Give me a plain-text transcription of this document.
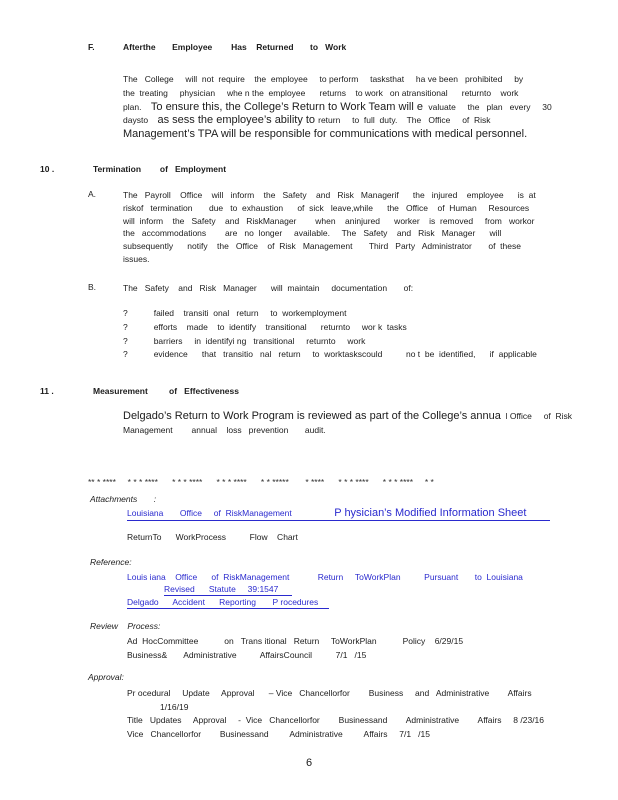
F.	Afterthe       Employee        Has    Returned       to   Work
The   College     will  not  require    the  employee     to perform     tasksthat     ha ve been   prohibited     by
the  treating     physician     whe n the  employee      returns    to work   on atransitional      returnto    work
plan.    To ensure this, the College’s Return to Work Team will e  valuate     the   plan   every     30
daysto    as sess the employee’s ability to return     to  full  duty.    The   Office     of  Risk
Management’s TPA will be responsible for communications with medical personnel.
10 .	Termination        of   Employment
A.	The   Payroll    Office    will   inform    the   Safety    and   Risk   Managerif      the   injured    employee      is  at
riskof   termination       due   to  exhaustion      of  sick   leave,while      the   Office    of  Human     Resources
will  inform    the   Safety    and   RiskManager        when    aninjured      worker    is  removed     from   workor
the   accommodations        are   no  longer     available.     The   Safety    and   Risk   Manager      will
subsequently      notify    the   Office    of  Risk   Management       Third   Party   Administrator       of  these
issues.
B.	The   Safety    and   Risk   Manager      will  maintain     documentation       of:
?           failed    transiti  onal   return     to  workemployment
?           efforts    made    to  identify    transitional      returnto     wor k  tasks
?           barriers     in  identifyi ng   transitional     returnto     work
?           evidence      that   transitio   nal   return     to  worktaskscould          no t  be  identified,      if  applicable
11 .	Measurement         of   Effectiveness
Delgado’s Return to Work Program is reviewed as part of the College’s annua  l Office     of  Risk
Management        annual    loss   prevention       audit.
** * ****     * * * ****      * * * ****      * * * ****      * * *****       * ****      * * * ****      * * * ****     * *
Attachments       :
Louisiana       Office     of  RiskManagement                  P hysician’s Modified Information Sheet
ReturnTo      WorkProcess          Flow    Chart
Reference:
Louis iana    Office      of  RiskManagement            Return     ToWorkPlan          Pursuant       to  Louisiana
Revised      Statute     39:1547
Delgado      Accident      Reporting       P rocedures
Review    Process:
Ad  HocCommittee           on   Trans itional   Return     ToWorkPlan           Policy    6/29/15
Business&       Administrative          AffairsCouncil          7/1   /15
Approval:
Pr ocedural     Update     Approval      – Vice   Chancellorfor        Business     and   Administrative        Affairs
1/16/19
Title   Updates     Approval     -  Vice   Chancellorfor        Businessand        Administrative        Affairs     8 /23/16
Vice   Chancellorfor        Businessand         Administrative         Affairs     7/1   /15
6
